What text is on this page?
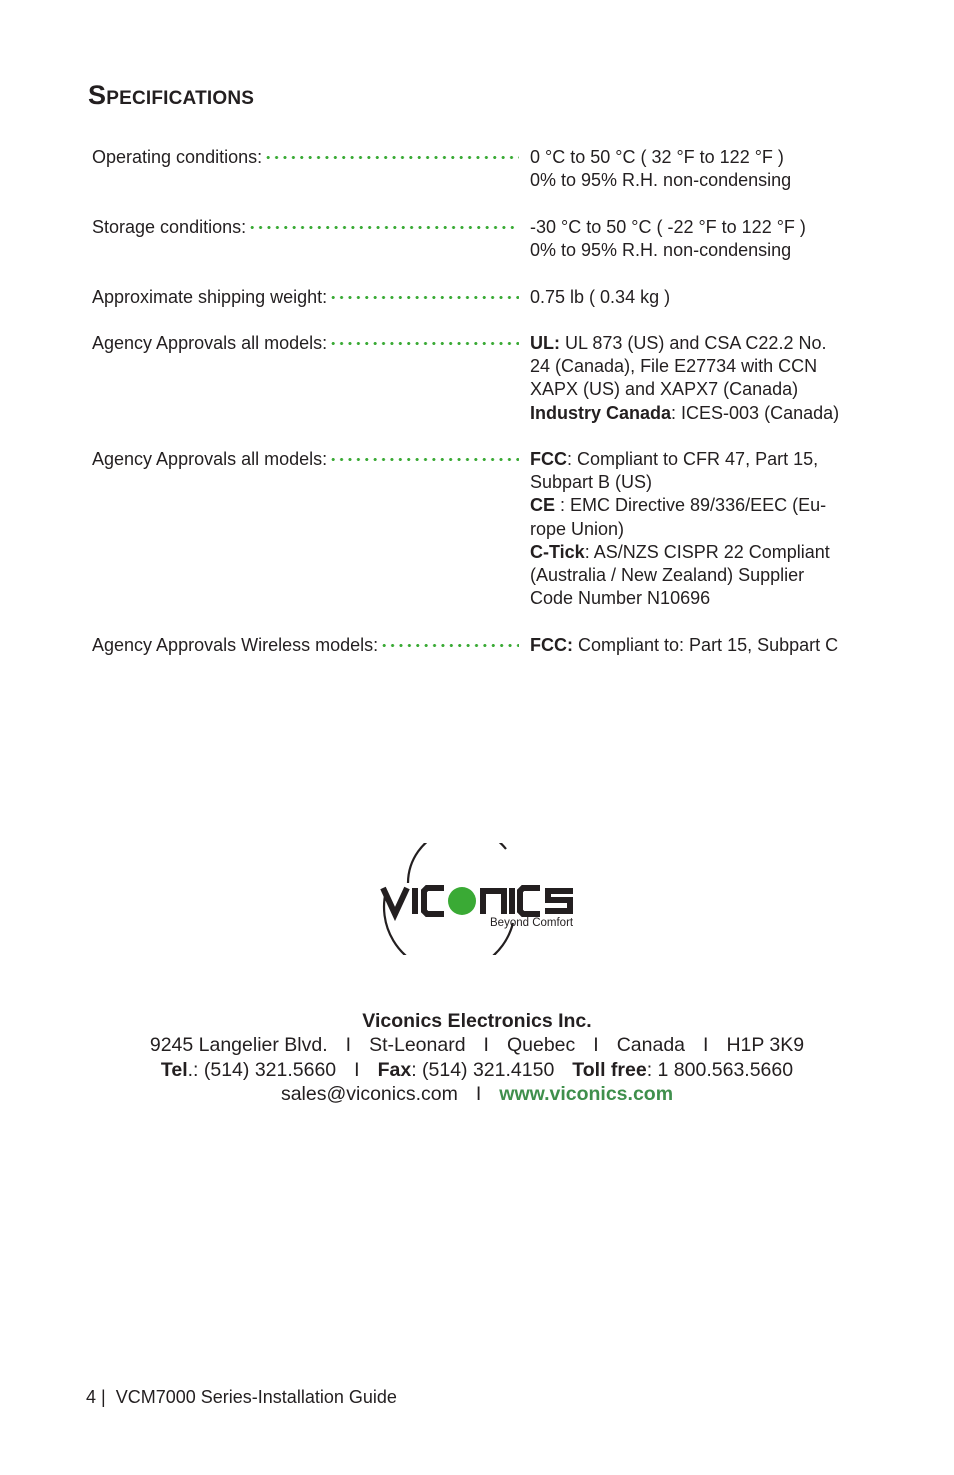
Specifications
Operating conditions:	0 °C to 50 °C ( 32 °F to 122 °F )
0% to 95% R.H. non-condensing
Storage conditions:	-30 °C to 50 °C ( -22 °F to 122 °F )
0% to 95% R.H. non-condensing
Approximate shipping weight:	0.75 lb ( 0.34 kg )
Agency Approvals all models:	UL: UL 873 (US) and CSA C22.2 No.
24 (Canada), File E27734 with CCN
XAPX (US) and XAPX7 (Canada)
Industry Canada: ICES-003 (Canada)
Agency Approvals all models:	FCC: Compliant to CFR 47, Part 15,
Subpart B (US)
CE : EMC Directive 89/336/EEC (Eu-
rope Union)
C-Tick: AS/NZS CISPR 22 Compliant
(Australia / New Zealand) Supplier
Code Number N10696
Agency Approvals Wireless models:	FCC: Compliant to: Part 15, Subpart C
Beyond Comfort
Viconics Electronics Inc.
9245 Langelier Blvd. I St-Leonard I Quebec I Canada I H1P 3K9
Tel.: (514) 321.5660 I Fax: (514) 321.4150 Toll free: 1 800.563.5660
sales@viconics.com I www.viconics.com
4 | VCM7000 Series-Installation Guide
